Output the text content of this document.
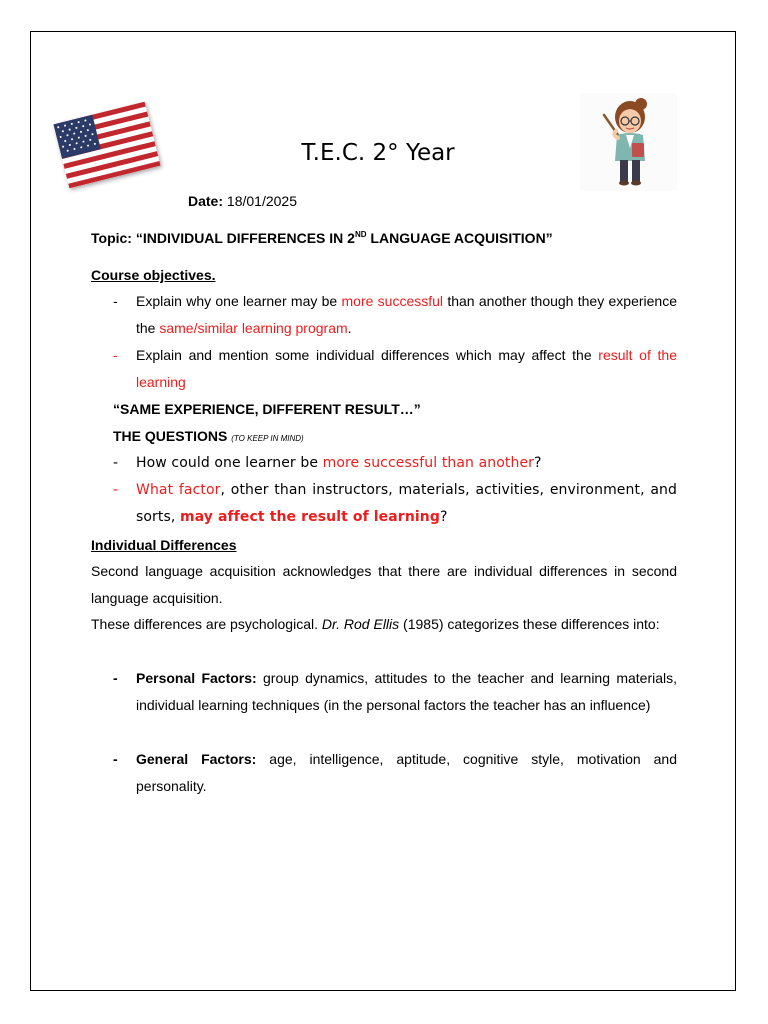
T.E.C. 2° Year
Date: 18/01/2025
Topic: “INDIVIDUAL DIFFERENCES IN 2ND LANGUAGE ACQUISITION”
Course objectives.
- Explain why one learner may be more successful than another though they experience the same/similar learning program.
- Explain and mention some individual differences which may affect the result of the learning
“SAME EXPERIENCE, DIFFERENT RESULT…”
THE QUESTIONS (TO KEEP IN MIND)
- How could one learner be more successful than another?
- What factor, other than instructors, materials, activities, environment, and sorts, may affect the result of learning?
Individual Differences
Second language acquisition acknowledges that there are individual differences in second language acquisition.
These differences are psychological. Dr. Rod Ellis (1985) categorizes these differences into:
- Personal Factors: group dynamics, attitudes to the teacher and learning materials, individual learning techniques (in the personal factors the teacher has an influence)
- General Factors: age, intelligence, aptitude, cognitive style, motivation and personality.
